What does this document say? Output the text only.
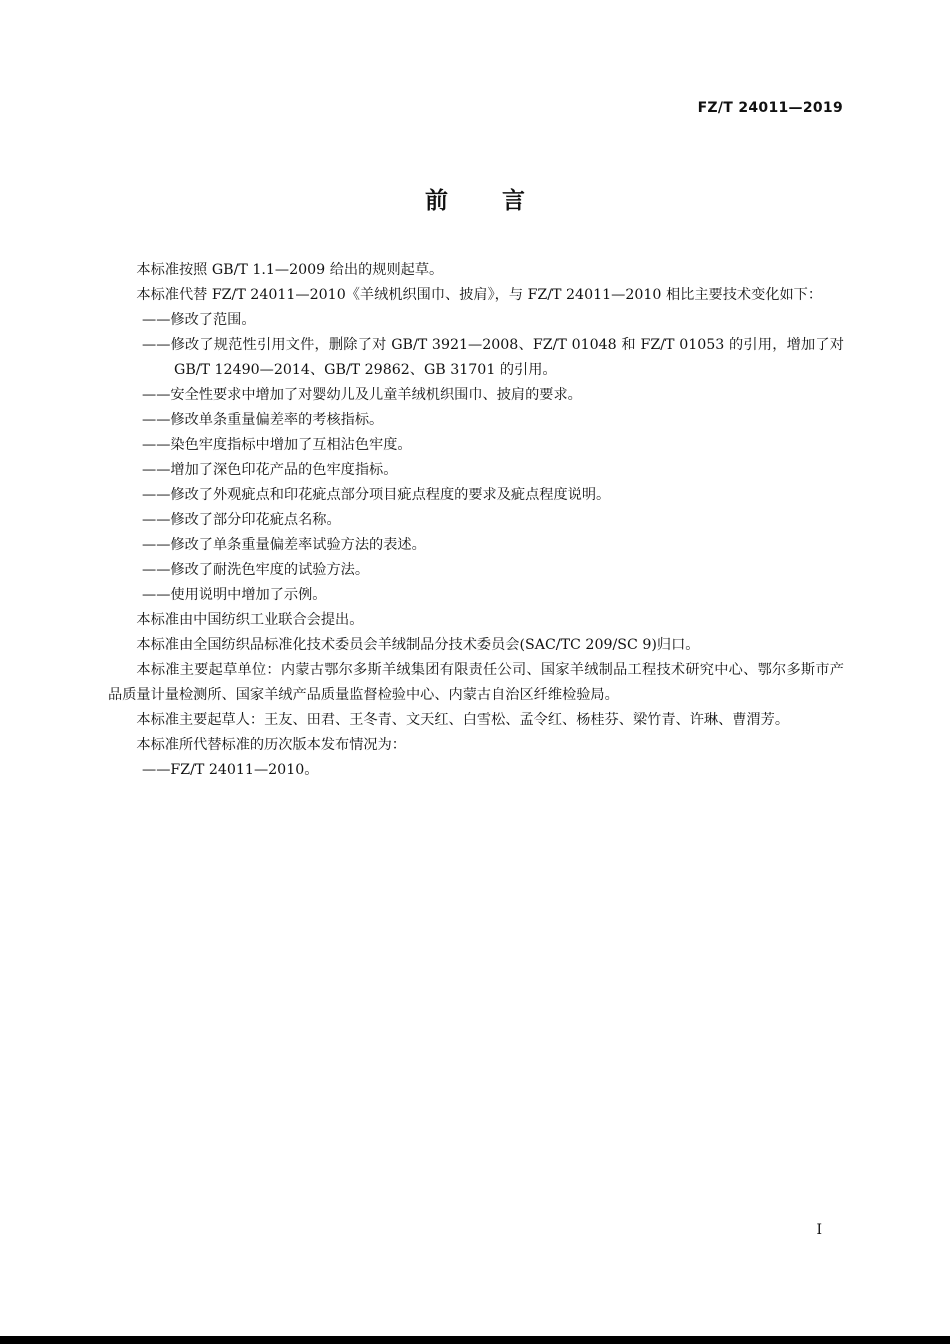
FZ/T 24011—2019
前言

本标准按照 GB/T 1.1—2009 给出的规则起草。

本标准代替 FZ/T 24011—2010《羊绒机织围巾、披肩》，与 FZ/T 24011—2010 相比主要技术变化如下：

——修改了范围。

——修改了规范性引用文件，删除了对 GB/T 3921—2008、FZ/T 01048 和 FZ/T 01053 的引用，增加了对 GB/T 12490—2014、GB/T 29862、GB 31701 的引用。

——安全性要求中增加了对婴幼儿及儿童羊绒机织围巾、披肩的要求。

——修改单条重量偏差率的考核指标。

——染色牢度指标中增加了互相沾色牢度。

——增加了深色印花产品的色牢度指标。

——修改了外观疵点和印花疵点部分项目疵点程度的要求及疵点程度说明。

——修改了部分印花疵点名称。

——修改了单条重量偏差率试验方法的表述。

——修改了耐洗色牢度的试验方法。

——使用说明中增加了示例。

本标准由中国纺织工业联合会提出。

本标准由全国纺织品标准化技术委员会羊绒制品分技术委员会(SAC/TC 209/SC 9)归口。

本标准主要起草单位：内蒙古鄂尔多斯羊绒集团有限责任公司、国家羊绒制品工程技术研究中心、鄂尔多斯市产品质量计量检测所、国家羊绒产品质量监督检验中心、内蒙古自治区纤维检验局。

本标准主要起草人：王友、田君、王冬青、文天红、白雪松、孟令红、杨桂芬、梁竹青、许琳、曹渭芳。

本标准所代替标准的历次版本发布情况为：

——FZ/T 24011—2010。

I
